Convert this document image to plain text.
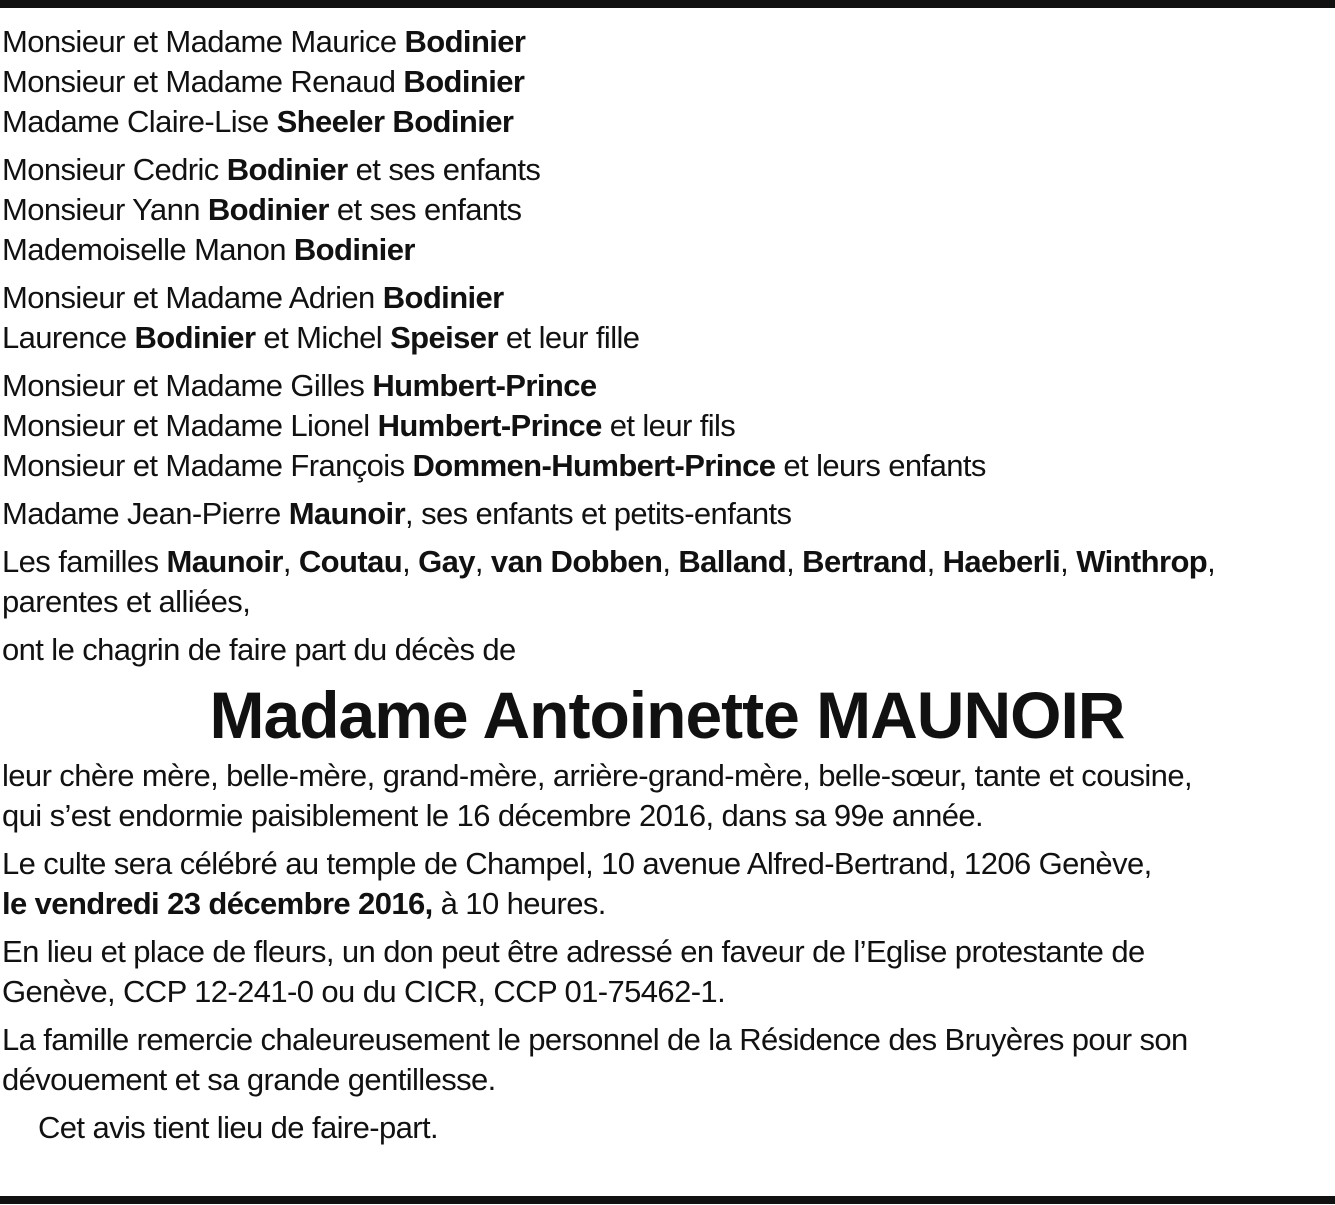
Monsieur et Madame Maurice Bodinier
Monsieur et Madame Renaud Bodinier
Madame Claire-Lise Sheeler Bodinier
Monsieur Cedric Bodinier et ses enfants
Monsieur Yann Bodinier et ses enfants
Mademoiselle Manon Bodinier
Monsieur et Madame Adrien Bodinier
Laurence Bodinier et Michel Speiser et leur fille
Monsieur et Madame Gilles Humbert-Prince
Monsieur et Madame Lionel Humbert-Prince et leur fils
Monsieur et Madame François Dommen-Humbert-Prince et leurs enfants
Madame Jean-Pierre Maunoir, ses enfants et petits-enfants
Les familles Maunoir, Coutau, Gay, van Dobben, Balland, Bertrand, Haeberli, Winthrop,
parentes et alliées,
ont le chagrin de faire part du décès de
Madame Antoinette MAUNOIR
leur chère mère, belle-mère, grand-mère, arrière-grand-mère, belle-sœur, tante et cousine,
qui s’est endormie paisiblement le 16 décembre 2016, dans sa 99e année.
Le culte sera célébré au temple de Champel, 10 avenue Alfred-Bertrand, 1206 Genève,
le vendredi 23 décembre 2016, à 10 heures.
En lieu et place de fleurs, un don peut être adressé en faveur de l’Eglise protestante de
Genève, CCP 12-241-0 ou du CICR, CCP 01-75462-1.
La famille remercie chaleureusement le personnel de la Résidence des Bruyères pour son
dévouement et sa grande gentillesse.
Cet avis tient lieu de faire-part.
